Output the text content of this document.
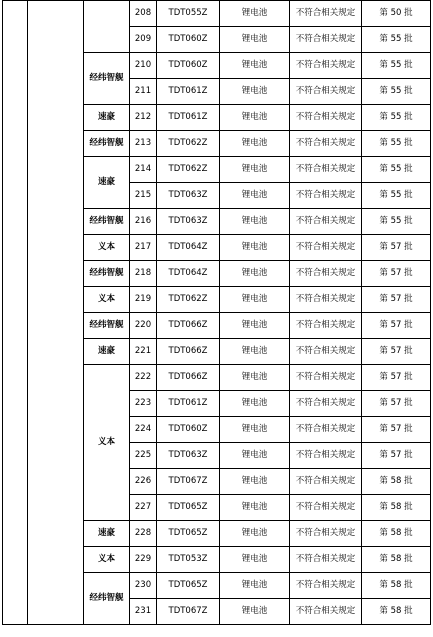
			208	TDT055Z	锂电池	不符合相关规定	第 50 批
			209	TDT060Z	锂电池	不符合相关规定	第 55 批
		经纬智舰	210	TDT060Z	锂电池	不符合相关规定	第 55 批
			211	TDT061Z	锂电池	不符合相关规定	第 55 批
		速豪	212	TDT061Z	锂电池	不符合相关规定	第 55 批
		经纬智舰	213	TDT062Z	锂电池	不符合相关规定	第 55 批
		速豪	214	TDT062Z	锂电池	不符合相关规定	第 55 批
			215	TDT063Z	锂电池	不符合相关规定	第 55 批
		经纬智舰	216	TDT063Z	锂电池	不符合相关规定	第 55 批
		义本	217	TDT064Z	锂电池	不符合相关规定	第 57 批
		经纬智舰	218	TDT064Z	锂电池	不符合相关规定	第 57 批
		义本	219	TDT062Z	锂电池	不符合相关规定	第 57 批
		经纬智舰	220	TDT066Z	锂电池	不符合相关规定	第 57 批
		速豪	221	TDT066Z	锂电池	不符合相关规定	第 57 批
		义本	222	TDT066Z	锂电池	不符合相关规定	第 57 批
			223	TDT061Z	锂电池	不符合相关规定	第 57 批
			224	TDT060Z	锂电池	不符合相关规定	第 57 批
			225	TDT063Z	锂电池	不符合相关规定	第 57 批
			226	TDT067Z	锂电池	不符合相关规定	第 58 批
			227	TDT065Z	锂电池	不符合相关规定	第 58 批
		速豪	228	TDT065Z	锂电池	不符合相关规定	第 58 批
		义本	229	TDT053Z	锂电池	不符合相关规定	第 58 批
		经纬智舰	230	TDT065Z	锂电池	不符合相关规定	第 58 批
			231	TDT067Z	锂电池	不符合相关规定	第 58 批
